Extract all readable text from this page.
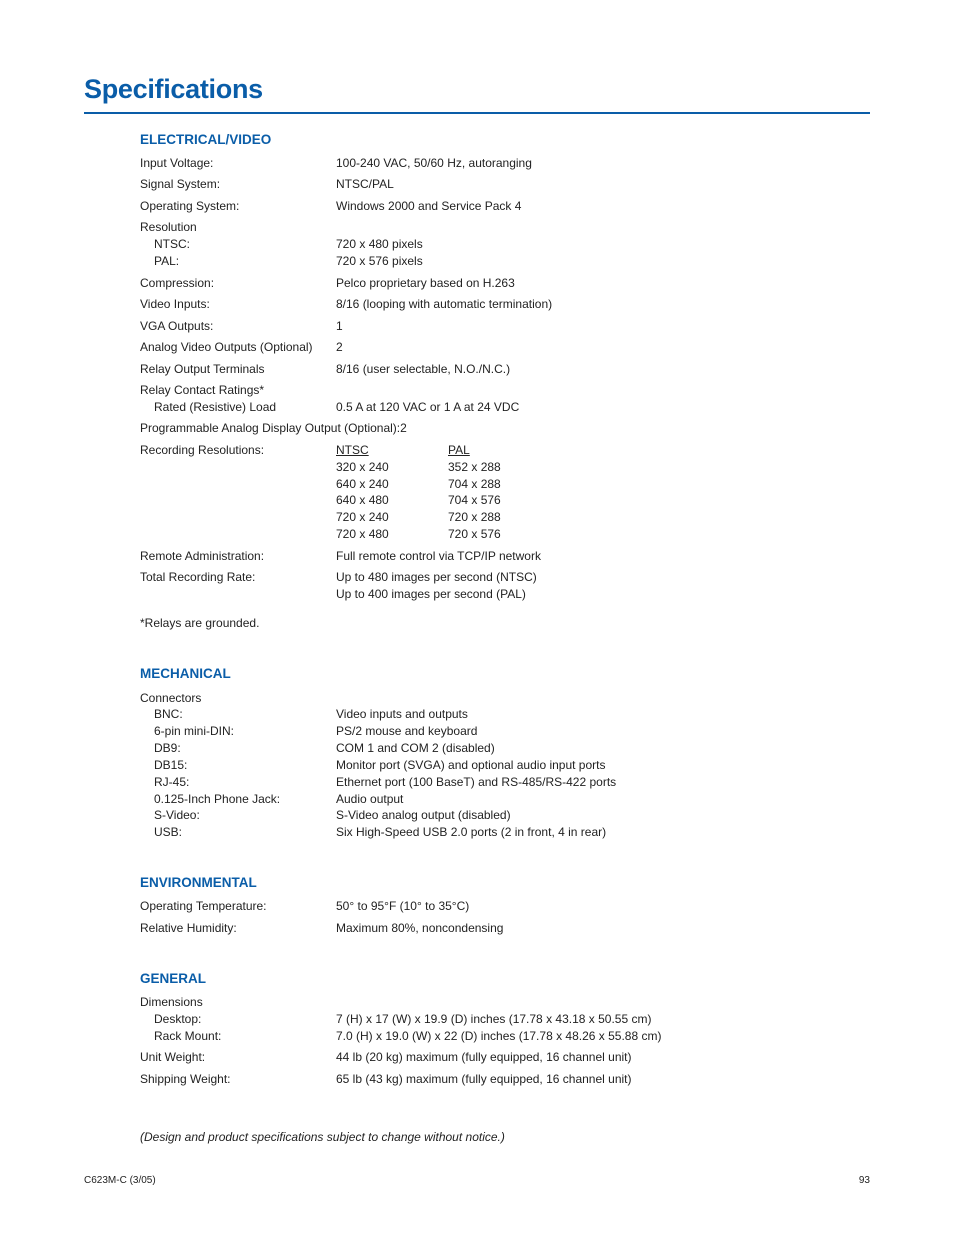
Specifications
ELECTRICAL/VIDEO
Input Voltage:	100-240 VAC, 50/60 Hz, autoranging
Signal System:	NTSC/PAL
Operating System:	Windows 2000 and Service Pack 4
Resolution
NTSC:	720 x 480 pixels
PAL:	720 x 576 pixels
Compression:	Pelco proprietary based on H.263
Video Inputs:	8/16 (looping with automatic termination)
VGA Outputs:	1
Analog Video Outputs (Optional) 2
Relay Output Terminals	8/16 (user selectable, N.O./N.C.)
Relay Contact Ratings*
Rated (Resistive) Load	0.5 A at 120 VAC or 1 A at 24 VDC
Programmable Analog Display Output (Optional):2
Recording Resolutions:	NTSC	PAL
320 x 240	352 x 288
640 x 240	704 x 288
640 x 480	704 x 576
720 x 240	720 x 288
720 x 480	720 x 576
Remote Administration:	Full remote control via TCP/IP network
Total Recording Rate:	Up to 480 images per second (NTSC)
Up to 400 images per second (PAL)
*Relays are grounded.
MECHANICAL
Connectors
BNC:	Video inputs and outputs
6-pin mini-DIN:	PS/2 mouse and keyboard
DB9:	COM 1 and COM 2 (disabled)
DB15:	Monitor port (SVGA) and optional audio input ports
RJ-45:	Ethernet port (100 BaseT) and RS-485/RS-422 ports
0.125-Inch Phone Jack:	Audio output
S-Video:	S-Video analog output (disabled)
USB:	Six High-Speed USB 2.0 ports (2 in front, 4 in rear)
ENVIRONMENTAL
Operating Temperature:	50° to 95°F (10° to 35°C)
Relative Humidity:	Maximum 80%, noncondensing
GENERAL
Dimensions
Desktop:	7 (H) x 17 (W) x 19.9 (D) inches (17.78 x 43.18 x 50.55 cm)
Rack Mount:	7.0 (H) x 19.0 (W) x 22 (D) inches (17.78 x 48.26 x 55.88 cm)
Unit Weight:	44 lb (20 kg) maximum (fully equipped, 16 channel unit)
Shipping Weight:	65 lb (43 kg) maximum (fully equipped, 16 channel unit)
(Design and product specifications subject to change without notice.)
C623M-C (3/05)	93
